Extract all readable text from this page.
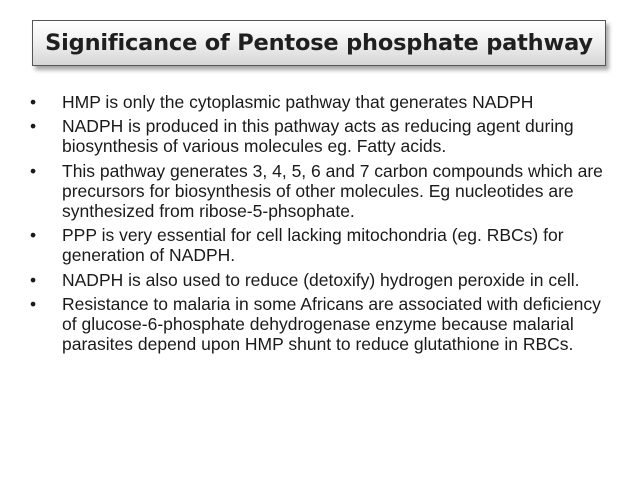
Significance of Pentose phosphate pathway
• HMP is only the cytoplasmic pathway that generates NADPH
• NADPH is produced in this pathway acts as reducing agent during biosynthesis of various molecules eg. Fatty acids.
• This pathway generates 3, 4, 5, 6 and 7 carbon compounds which are precursors for biosynthesis of other molecules. Eg nucleotides are synthesized from ribose-5-phsophate.
• PPP is very essential for cell lacking mitochondria (eg. RBCs) for generation of NADPH.
• NADPH is also used to reduce (detoxify) hydrogen peroxide in cell.
• Resistance to malaria in some Africans are associated with deficiency of glucose-6-phosphate dehydrogenase enzyme because malarial parasites depend upon HMP shunt to reduce glutathione in RBCs.
